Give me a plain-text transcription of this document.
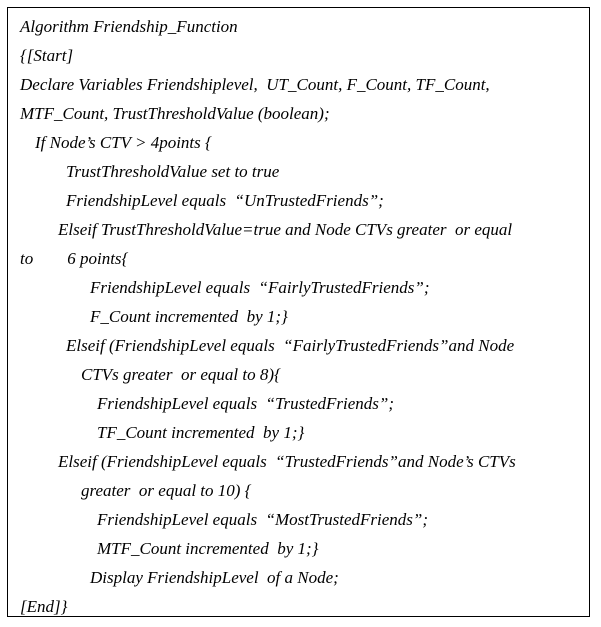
Algorithm Friendship_Function
{[Start]
Declare Variables Friendshiplevel,  UT_Count, F_Count, TF_Count,
MTF_Count, TrustThresholdValue (boolean);
If Node’s CTV > 4points {
TrustThresholdValue set to true
FriendshipLevel equals  “UnTrustedFriends”;
Elseif TrustThresholdValue=true and Node CTVs greater  or equal
to        6 points{
FriendshipLevel equals  “FairlyTrustedFriends”;
F_Count incremented  by 1;}
Elseif (FriendshipLevel equals  “FairlyTrustedFriends”and Node
CTVs greater  or equal to 8){
FriendshipLevel equals  “TrustedFriends”;
TF_Count incremented  by 1;}
Elseif (FriendshipLevel equals  “TrustedFriends”and Node’s CTVs
greater  or equal to 10) {
FriendshipLevel equals  “MostTrustedFriends”;
MTF_Count incremented  by 1;}
Display FriendshipLevel  of a Node;
[End]}
